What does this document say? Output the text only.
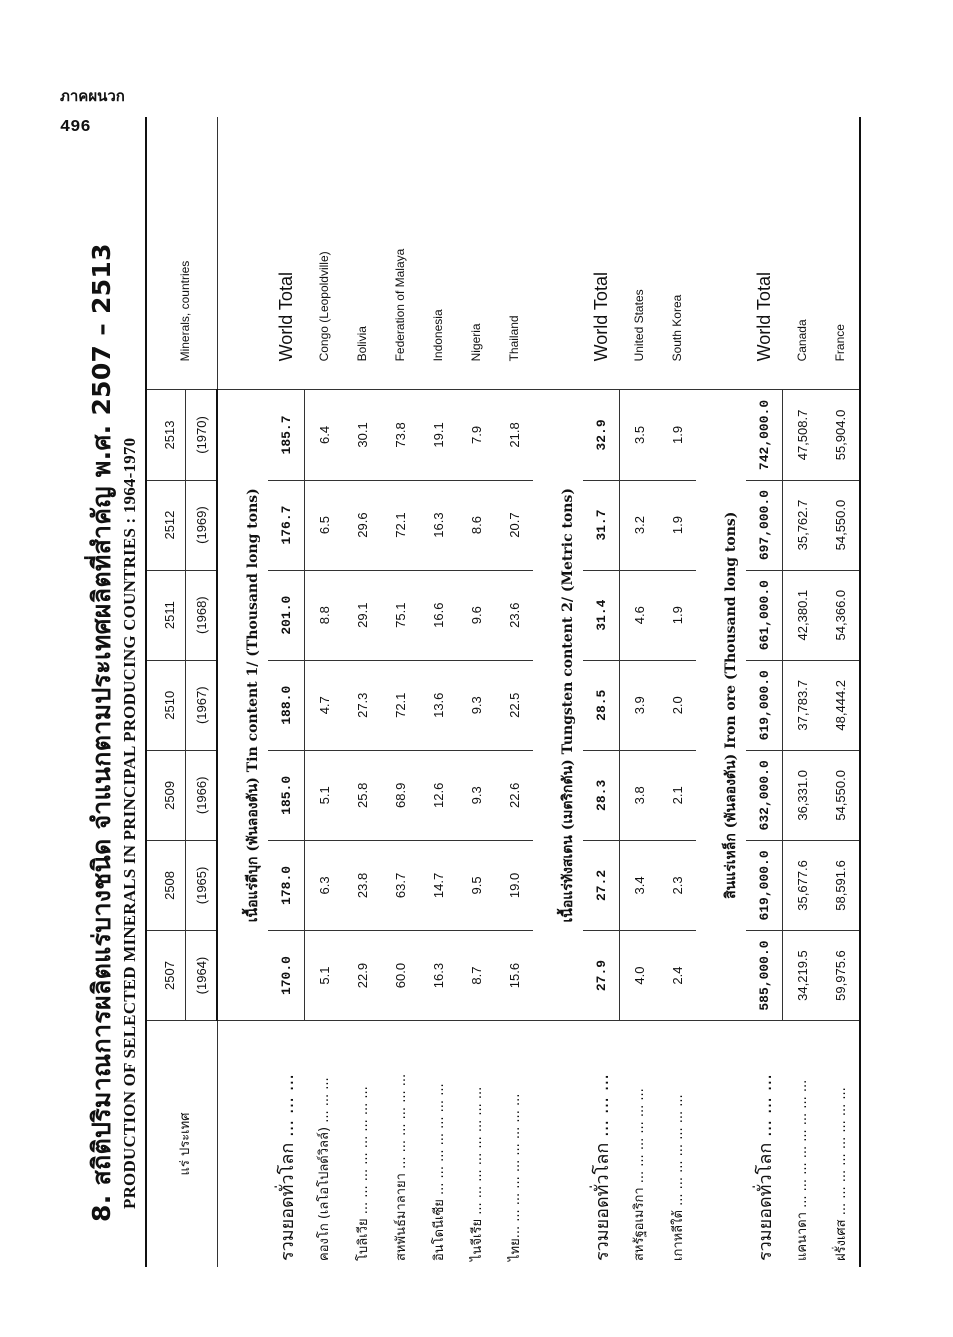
ภาคผนวก
496
8. สถิติปริมาณการผลิตแร่บางชนิด จำแนกตามประเทศผลิตที่สำคัญ พ.ศ. 2507 – 2513 PRODUCTION OF SELECTED MINERALS IN PRINCIPAL PRODUCING COUNTRIES : 1964-1970	แร่ ประเทศ	2507	2508	2509	2510	2511	2512	2513	Minerals, countries
	(1964)	(1965)	(1966)	(1967)	(1968)	(1969)	(1970)	
	เนื้อแร่ดีบุก (พันลองตัน) Tin content 1/ (Thousand long tons)							
รวมยอดทั่วโลก ... ... ...	170.0	178.0	185.0	188.0	201.0	176.7	185.7	World Total
คองโก (เลโอโปลด์วิลล์) ... ... ...	5.1	6.3	5.1	4.7	8.8	6.5	6.4	Congo (Leopoldville)
โบลิเวีย ... ... ... ... ... ... ... ...	22.9	23.8	25.8	27.3	29.1	29.6	30.1	Bolivia
สหพันธ์มาลายา ... ... ... ... ... ...	60.0	63.7	68.9	72.1	75.1	72.1	73.8	Federation of Malaya
อินโดนีเซีย ... ... ... ... ... ... ...	16.3	14.7	12.6	13.6	16.6	16.3	19.1	Indonesia
ไนจีเรีย ... ... ... ... ... ... ... ...	8.7	9.5	9.3	9.3	9.6	8.6	7.9	Nigeria
ไทย... ... ... ... ... ... ... ... ...	15.6	19.0	22.6	22.5	23.6	20.7	21.8	Thailand
	เนื้อแร่ทังสเตน (เมตริกตัน) Tungsten content 2/ (Metric tons)							
รวมยอดทั่วโลก ... ... ...	27.9	27.2	28.3	28.5	31.4	31.7	32.9	World Total
สหรัฐอเมริกา ... ... ... ... ... ...	4.0	3.4	3.8	3.9	4.6	3.2	3.5	United States
เกาหลีใต้ ... ... ... ... ... ... ...	2.4	2.3	2.1	2.0	1.9	1.9	1.9	South Korea
	สินแร่เหล็ก (พันลองตัน) Iron ore (Thousand long tons)							
รวมยอดทั่วโลก ... ... ...	585,000.0	619,000.0	632,000.0	619,000.0	661,000.0	697,000.0	742,000.0	World Total
แคนาดา ... ... ... ... ... ... ... ...	34,219.5	35,677.6	36,331.0	37,783.7	42,380.1	35,762.7	47,508.7	Canada
ฝรั่งเศส ... ... ... ... ... ... ... ...	59,975.6	58,591.6	54,550.0	48,444.2	54,366.0	54,550.0	55,904.0	France
